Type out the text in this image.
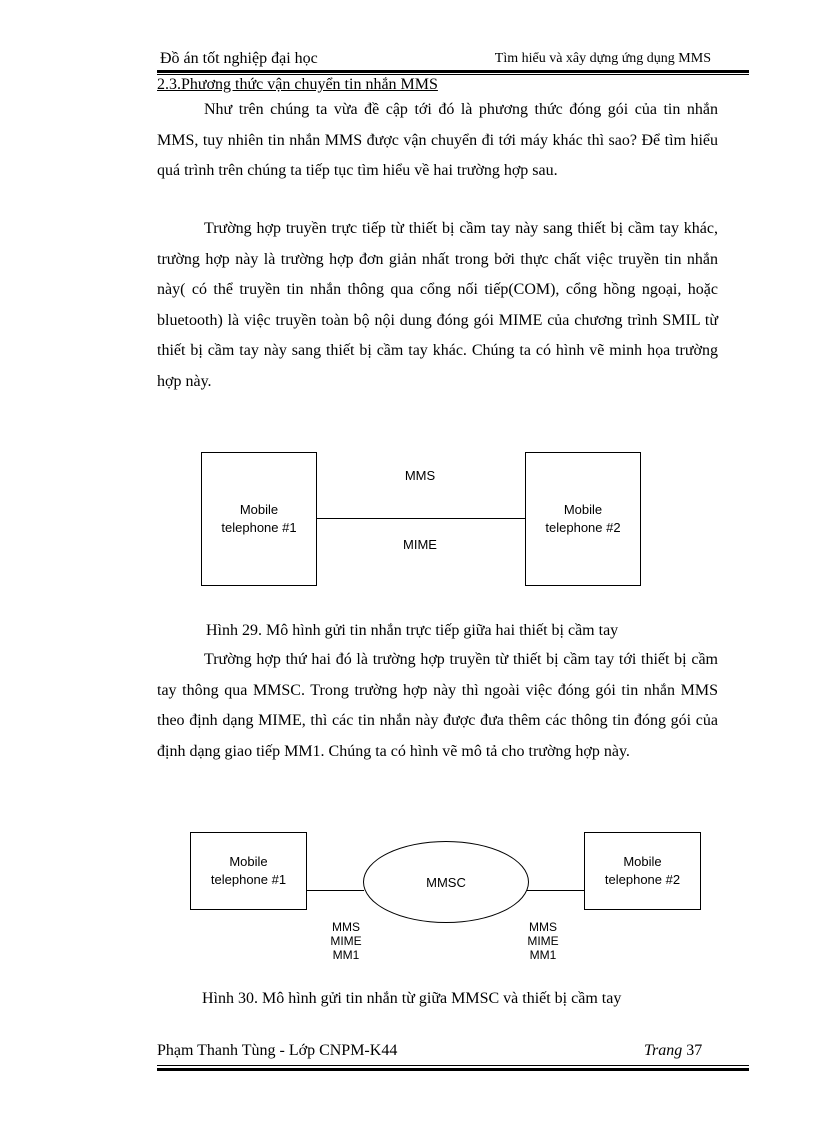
Đồ án tốt nghiệp đại học	Tìm hiểu và xây dựng ứng dụng MMS
2.3.Phương thức vận chuyển tin nhắn MMS

Như trên chúng ta vừa đề cập tới đó là phương thức đóng gói của tin nhắn MMS, tuy nhiên tin nhắn MMS được vận chuyển đi tới máy khác thì sao? Để tìm hiểu quá trình trên chúng ta tiếp tục tìm hiểu về hai trường hợp sau.

Trường hợp truyền trực tiếp từ thiết bị cầm tay này sang thiết bị cầm tay khác, trường hợp này là trường hợp đơn giản nhất trong bởi thực chất việc truyền tin nhắn này( có thể truyền tin nhắn thông qua cổng nối tiếp(COM), cổng hồng ngoại, hoặc bluetooth) là việc truyền toàn bộ nội dung đóng gói MIME của chương trình SMIL từ thiết bị cầm tay này sang thiết bị cầm tay khác. Chúng ta có hình vẽ minh họa trường hợp này.

Mobile
telephone #1
Mobile
telephone #2
MMS
MIME
Hình 29. Mô hình gửi tin nhắn trực tiếp giữa hai thiết bị cầm tay

Trường hợp thứ hai đó là trường hợp truyền từ thiết bị cầm tay tới thiết bị cầm tay thông qua MMSC. Trong trường hợp này thì ngoài việc đóng gói tin nhắn MMS theo định dạng MIME, thì các tin nhắn này được đưa thêm các thông tin đóng gói của định dạng giao tiếp MM1. Chúng ta có hình vẽ mô tả cho trường hợp này.

Mobile
telephone #1	MMSC
Mobile
telephone #2
MMS
MIME
MM1
MMS
MIME
MM1
Hình 30. Mô hình gửi tin nhắn từ giữa MMSC và thiết bị cầm tay
Phạm Thanh Tùng - Lớp CNPM-K44	Trang 37
